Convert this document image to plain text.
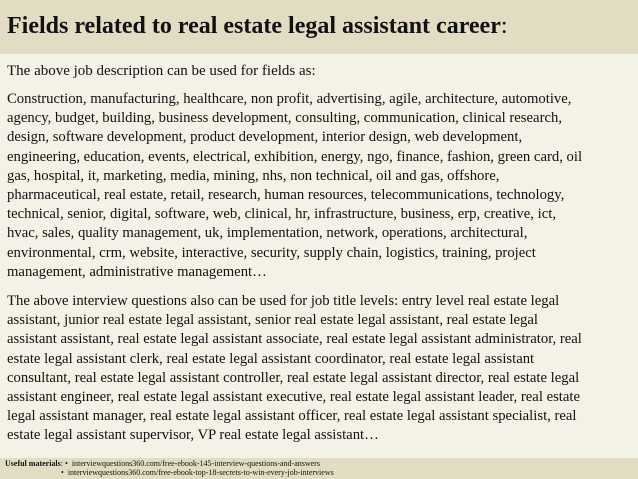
Fields related to real estate legal assistant career:

The above job description can be used for fields as:

Construction, manufacturing, healthcare, non profit, advertising, agile, architecture, automotive,
agency, budget, building, business development, consulting, communication, clinical research,
design, software development, product development, interior design, web development,
engineering, education, events, electrical, exhibition, energy, ngo, finance, fashion, green card, oil
gas, hospital, it, marketing, media, mining, nhs, non technical, oil and gas, offshore,
pharmaceutical, real estate, retail, research, human resources, telecommunications, technology,
technical, senior, digital, software, web, clinical, hr, infrastructure, business, erp, creative, ict,
hvac, sales, quality management, uk, implementation, network, operations, architectural,
environmental, crm, website, interactive, security, supply chain, logistics, training, project
management, administrative management…

The above interview questions also can be used for job title levels: entry level real estate legal
assistant, junior real estate legal assistant, senior real estate legal assistant, real estate legal
assistant assistant, real estate legal assistant associate, real estate legal assistant administrator, real
estate legal assistant clerk, real estate legal assistant coordinator, real estate legal assistant
consultant, real estate legal assistant controller, real estate legal assistant director, real estate legal
assistant engineer, real estate legal assistant executive, real estate legal assistant leader, real estate
legal assistant manager, real estate legal assistant officer, real estate legal assistant specialist, real
estate legal assistant supervisor, VP real estate legal assistant…

Useful materials: • interviewquestions360.com/free-ebook-145-interview-questions-and-answers
• interviewquestions360.com/free-ebook-top-18-secrets-to-win-every-job-interviews
